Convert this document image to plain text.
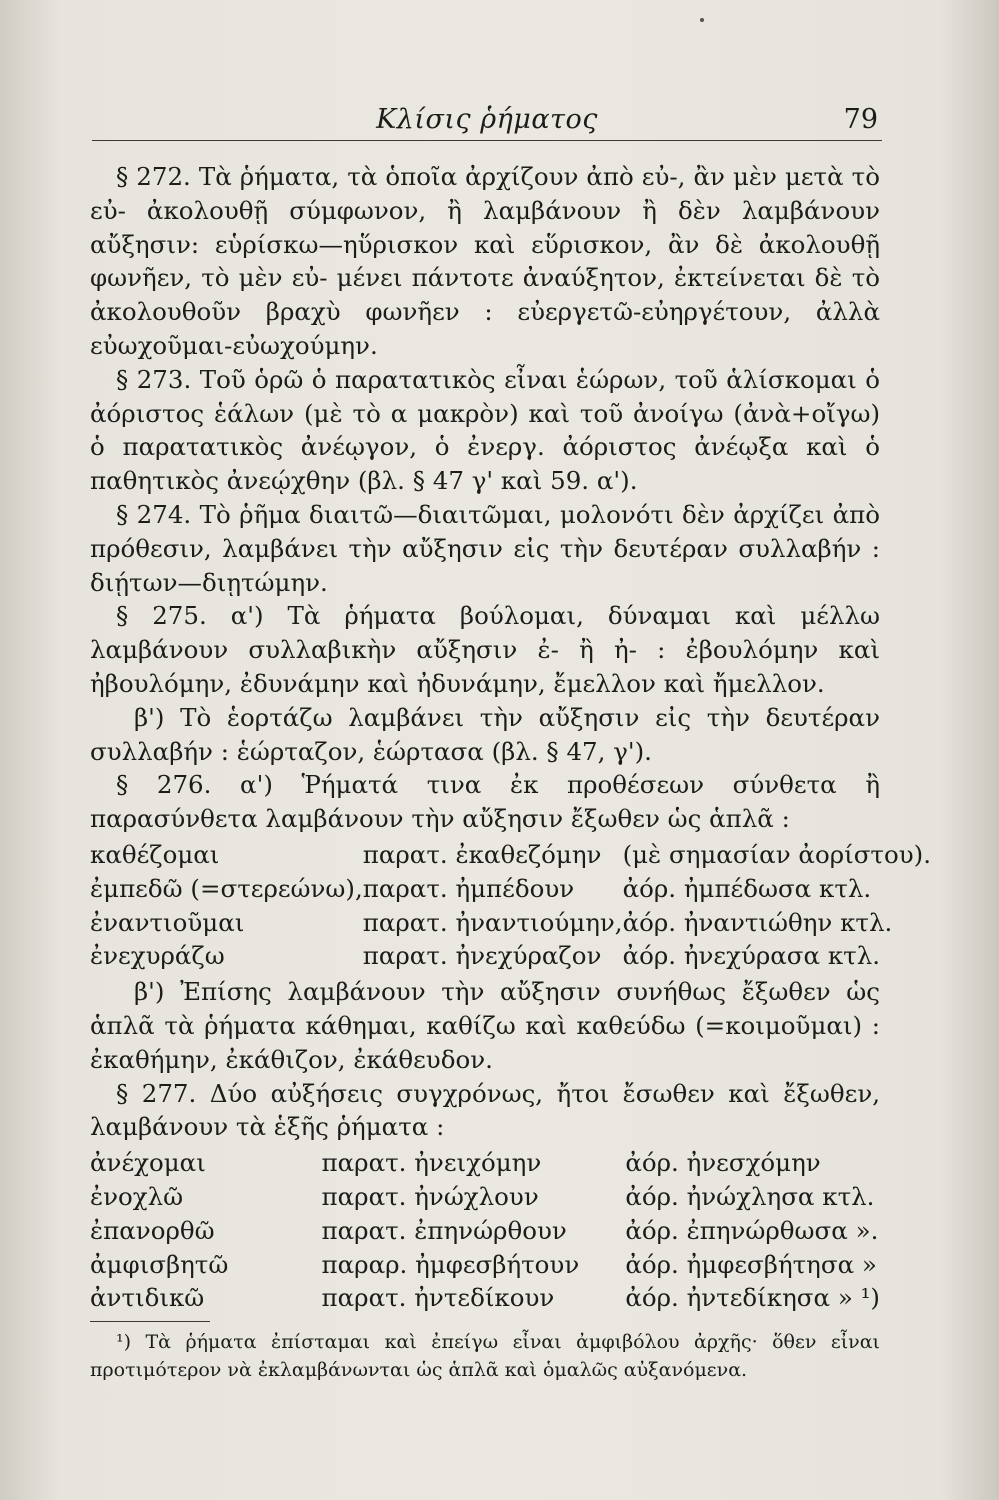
Κλίσις ῥήματος	79

§ 272. Τὰ ῥήματα, τὰ ὁποῖα ἀρχίζουν ἀπὸ εὐ-, ἂν μὲν μετὰ τὸ εὐ- ἀκολουθῇ σύμφωνον, ἢ λαμβάνουν ἢ δὲν λαμβάνουν αὔξησιν: εὑρίσκω—ηὕρισκον καὶ εὕρισκον, ἂν δὲ ἀκολουθῇ φωνῆεν, τὸ μὲν εὐ- μένει πάντοτε ἀναύξητον, ἐκτείνεται δὲ τὸ ἀκολουθοῦν βραχὺ φωνῆεν : εὐεργετῶ-εὐηργέτουν, ἀλλὰ εὐωχοῦμαι-εὐωχούμην.

§ 273. Τοῦ ὁρῶ ὁ παρατατικὸς εἶναι ἑώρων, τοῦ ἁλίσκομαι ὁ ἀόριστος ἑάλων (μὲ τὸ α μακρὸν) καὶ τοῦ ἀνοίγω (ἀνὰ+οἴγω) ὁ παρατατικὸς ἀνέῳγον, ὁ ἐνεργ. ἀόριστος ἀνέῳξα καὶ ὁ παθητικὸς ἀνεῴχθην (βλ. § 47 γ' καὶ 59. α').

§ 274. Τὸ ῥῆμα διαιτῶ—διαιτῶμαι, μολονότι δὲν ἀρχίζει ἀπὸ πρόθεσιν, λαμβάνει τὴν αὔξησιν εἰς τὴν δευτέραν συλλαβήν : διῄτων—διῃτώμην.

§ 275. α') Τὰ ῥήματα βούλομαι, δύναμαι καὶ μέλλω λαμβάνουν συλλαβικὴν αὔξησιν ἐ- ἢ ἠ- : ἐβουλόμην καὶ ἠβουλόμην, ἐδυνάμην καὶ ἠδυνάμην, ἔμελλον καὶ ἤμελλον.

β') Τὸ ἑορτάζω λαμβάνει τὴν αὔξησιν εἰς τὴν δευτέραν συλλαβήν : ἑώρταζον, ἑώρτασα (βλ. § 47, γ').

§ 276. α') Ῥήματά τινα ἐκ προθέσεων σύνθετα ἢ παρασύνθετα λαμβάνουν τὴν αὔξησιν ἔξωθεν ὡς ἁπλᾶ :

καθέζομαι	παρατ. ἐκαθεζόμην	(μὲ σημασίαν ἀορίστου).
ἐμπεδῶ (=στερεώνω),	παρατ. ἠμπέδουν	ἀόρ. ἠμπέδωσα κτλ.
ἐναντιοῦμαι	παρατ. ἠναντιούμην,	ἀόρ. ἠναντιώθην κτλ.
ἐνεχυράζω	παρατ. ἠνεχύραζον	ἀόρ. ἠνεχύρασα κτλ.

β') Ἐπίσης λαμβάνουν τὴν αὔξησιν συνήθως ἔξωθεν ὡς ἁπλᾶ τὰ ῥήματα κάθημαι, καθίζω καὶ καθεύδω (=κοιμοῦμαι) : ἐκαθήμην, ἐκάθιζον, ἐκάθευδον.

§ 277. Δύο αὐξήσεις συγχρόνως, ἤτοι ἔσωθεν καὶ ἔξωθεν, λαμβάνουν τὰ ἑξῆς ῥήματα :

ἀνέχομαι	παρατ. ἠνειχόμην	ἀόρ. ἠνεσχόμην
ἐνοχλῶ	παρατ. ἠνώχλουν	ἀόρ. ἠνώχλησα κτλ.
ἐπανορθῶ	παρατ. ἐπηνώρθουν	ἀόρ. ἐπηνώρθωσα ».
ἀμφισβητῶ	παραρ. ἠμφεσβήτουν	ἀόρ. ἠμφεσβήτησα »
ἀντιδικῶ	παρατ. ἠντεδίκουν	ἀόρ. ἠντεδίκησα » ¹)

¹) Τὰ ῥήματα ἐπίσταμαι καὶ ἐπείγω εἶναι ἀμφιβόλου ἀρχῆς· ὅθεν εἶναι προτιμότερον νὰ ἐκλαμβάνωνται ὡς ἁπλᾶ καὶ ὁμαλῶς αὐξανόμενα.
